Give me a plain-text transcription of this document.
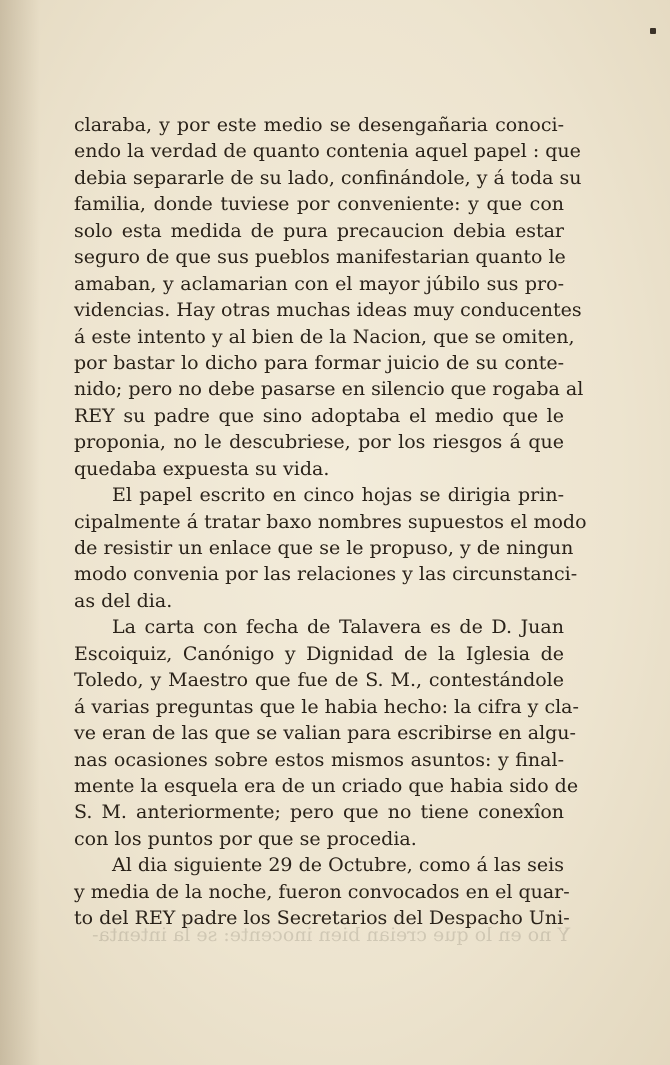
claraba, y por este medio se desengañaria conoci-
endo la verdad de quanto contenia aquel papel : que
debia separarle de su lado, confinándole, y á toda su
familia, donde tuviese por conveniente: y que con
solo esta medida de pura precaucion debia estar
seguro de que sus pueblos manifestarian quanto le
amaban, y aclamarian con el mayor júbilo sus pro-
videncias. Hay otras muchas ideas muy conducentes
á este intento y al bien de la Nacion, que se omiten,
por bastar lo dicho para formar juicio de su conte-
nido; pero no debe pasarse en silencio que rogaba al
REY su padre que sino adoptaba el medio que le
proponia, no le descubriese, por los riesgos á que
quedaba expuesta su vida.
El papel escrito en cinco hojas se dirigia prin-
cipalmente á tratar baxo nombres supuestos el modo
de resistir un enlace que se le propuso, y de ningun
modo convenia por las relaciones y las circunstanci-
as del dia.
La carta con fecha de Talavera es de D. Juan
Escoiquiz, Canónigo y Dignidad de la Iglesia de
Toledo, y Maestro que fue de S. M., contestándole
á varias preguntas que le habia hecho: la cifra y cla-
ve eran de las que se valian para escribirse en algu-
nas ocasiones sobre estos mismos asuntos: y final-
mente la esquela era de un criado que habia sido de
S. M. anteriormente; pero que no tiene conexîon
con los puntos por que se procedia.
Al dia siguiente 29 de Octubre, como á las seis
y media de la noche, fueron convocados en el quar-
to del REY padre los Secretarios del Despacho Uni-
Y no en lo que creian bien inocente: se la intenta-
